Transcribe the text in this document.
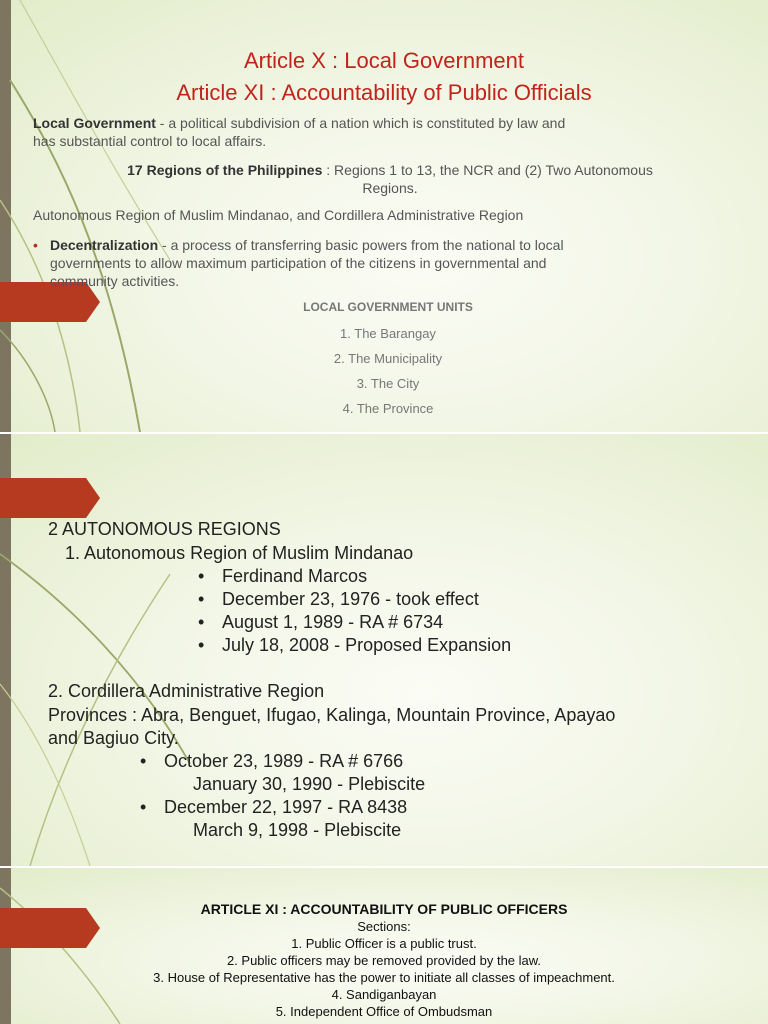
Article X : Local Government
Article XI : Accountability of Public Officials
Local Government - a political subdivision of a nation which is constituted by law and
has substantial control to local affairs.
17 Regions of the Philippines : Regions 1 to 13, the NCR and (2) Two Autonomous
Regions.
Autonomous Region of Muslim Mindanao, and Cordillera Administrative Region
• Decentralization - a process of transferring basic powers from the national to local
governments to allow maximum participation of the citizens in governmental and
community activities.
LOCAL GOVERNMENT UNITS
1. The Barangay
2. The Municipality
3. The City
4. The Province
2 AUTONOMOUS REGIONS
1. Autonomous Region of Muslim Mindanao
• Ferdinand Marcos
• December 23, 1976 - took effect
• August 1, 1989 - RA # 6734
• July 18, 2008 - Proposed Expansion
2. Cordillera Administrative Region
Provinces : Abra, Benguet, Ifugao, Kalinga, Mountain Province, Apayao
and Bagiuo City.
• October 23, 1989 - RA # 6766
January 30, 1990 - Plebiscite
• December 22, 1997 - RA 8438
March 9, 1998 - Plebiscite
ARTICLE XI : ACCOUNTABILITY OF PUBLIC OFFICERS
Sections:
1. Public Officer is a public trust.
2. Public officers may be removed provided by the law.
3. House of Representative has the power to initiate all classes of impeachment.
4. Sandiganbayan
5. Independent Office of Ombudsman
